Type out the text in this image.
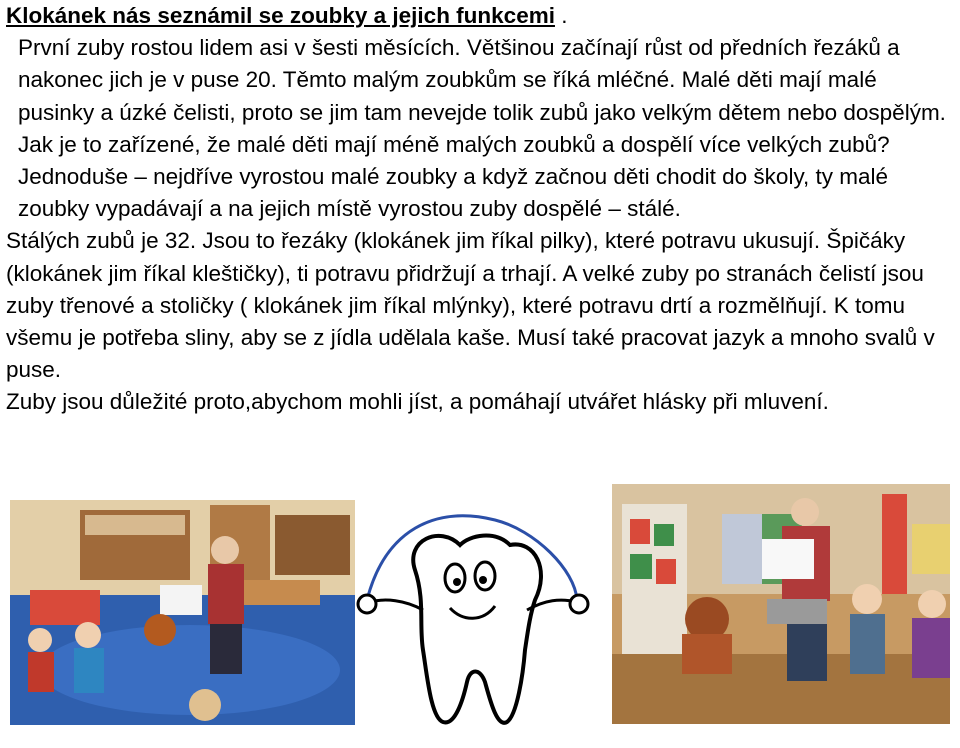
Klokánek nás seznámil se zoubky a jejich funkcemi .

První zuby rostou lidem asi v šesti měsících. Většinou začínají růst od předních řezáků a nakonec jich je v puse 20. Těmto malým zoubkům se říká mléčné. Malé děti mají malé pusinky a úzké čelisti, proto se jim tam nevejde tolik zubů jako velkým dětem nebo dospělým. Jak je to zařízené, že malé děti mají méně malých zoubků a dospělí více velkých zubů? Jednoduše – nejdříve vyrostou malé zoubky a když začnou děti chodit do školy, ty malé zoubky vypadávají a na jejich místě vyrostou zuby dospělé – stálé.

Stálých zubů je 32. Jsou to řezáky (klokánek jim říkal pilky), které potravu ukusují. Špičáky (klokánek jim říkal kleštičky), ti potravu přidržují a trhají. A velké zuby po stranách čelistí jsou zuby třenové a stoličky ( klokánek jim říkal mlýnky), které potravu drtí a rozmělňují. K tomu všemu je potřeba sliny, aby se z jídla udělala kaše. Musí také pracovat jazyk a mnoho svalů v puse.

Zuby jsou důležité proto,abychom mohli jíst, a pomáhají utvářet hlásky při mluvení.
